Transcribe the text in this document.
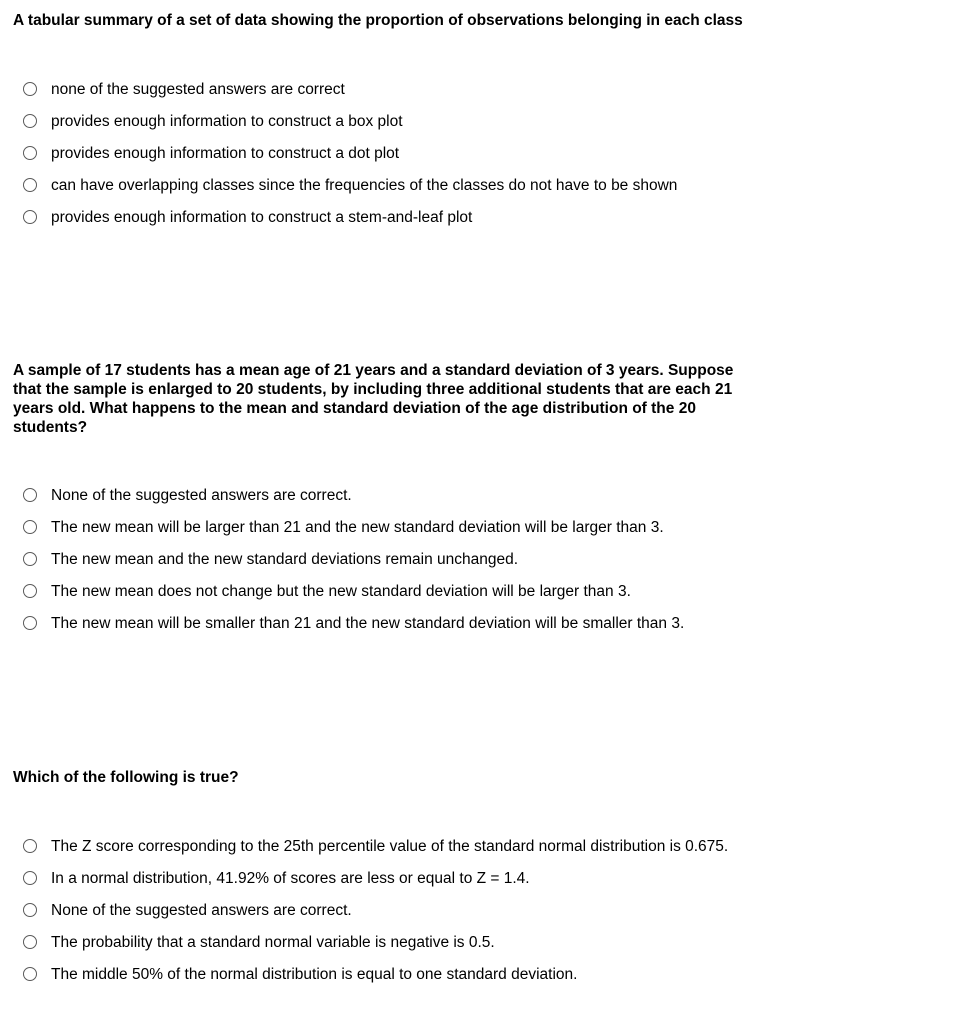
A tabular summary of a set of data showing the proportion of observations belonging in each class

none of the suggested answers are correct
provides enough information to construct a box plot
provides enough information to construct a dot plot
can have overlapping classes since the frequencies of the classes do not have to be shown
provides enough information to construct a stem-and-leaf plot
A sample of 17 students has a mean age of 21 years and a standard deviation of 3 years. Suppose
that the sample is enlarged to 20 students, by including three additional students that are each 21
years old. What happens to the mean and standard deviation of the age distribution of the 20
students?
None of the suggested answers are correct.
The new mean will be larger than 21 and the new standard deviation will be larger than 3.
The new mean and the new standard deviations remain unchanged.
The new mean does not change but the new standard deviation will be larger than 3.
The new mean will be smaller than 21 and the new standard deviation will be smaller than 3.

Which of the following is true?

The Z score corresponding to the 25th percentile value of the standard normal distribution is 0.675.
In a normal distribution, 41.92% of scores are less or equal to Z = 1.4.
None of the suggested answers are correct.
The probability that a standard normal variable is negative is 0.5.
The middle 50% of the normal distribution is equal to one standard deviation.
